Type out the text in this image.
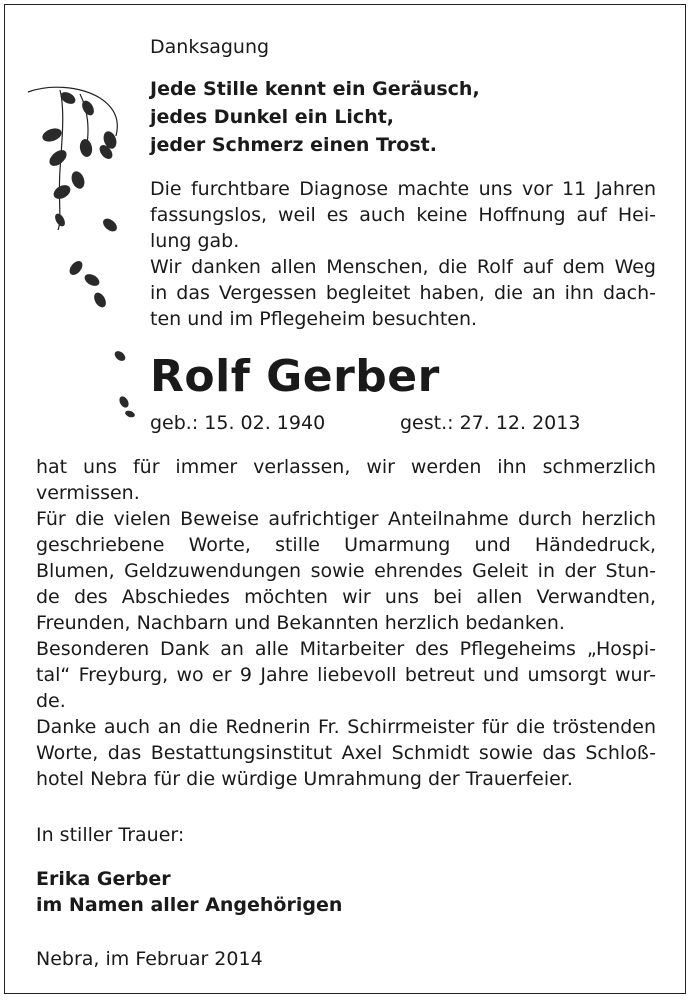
Danksagung
Jede Stille kennt ein Geräusch,
jedes Dunkel ein Licht,
jeder Schmerz einen Trost.
Die furchtbare Diagnose machte uns vor 11 Jahren
fassungslos, weil es auch keine Hoffnung auf Hei-
lung gab.
Wir danken allen Menschen, die Rolf auf dem Weg
in das Vergessen begleitet haben, die an ihn dach-
ten und im Pflegeheim besuchten.
Rolf Gerber
geb.: 15. 02. 1940	gest.: 27. 12. 2013
hat uns für immer verlassen, wir werden ihn schmerzlich
vermissen.
Für die vielen Beweise aufrichtiger Anteilnahme durch herzlich
geschriebene Worte, stille Umarmung und Händedruck,
Blumen, Geldzuwendungen sowie ehrendes Geleit in der Stun-
de des Abschiedes möchten wir uns bei allen Verwandten,
Freunden, Nachbarn und Bekannten herzlich bedanken.
Besonderen Dank an alle Mitarbeiter des Pflegeheims „Hospi-
tal“ Freyburg, wo er 9 Jahre liebevoll betreut und umsorgt wur-
de.
Danke auch an die Rednerin Fr. Schirrmeister für die tröstenden
Worte, das Bestattungsinstitut Axel Schmidt sowie das Schloß-
hotel Nebra für die würdige Umrahmung der Trauerfeier.
In stiller Trauer:
Erika Gerber
im Namen aller Angehörigen
Nebra, im Februar 2014
